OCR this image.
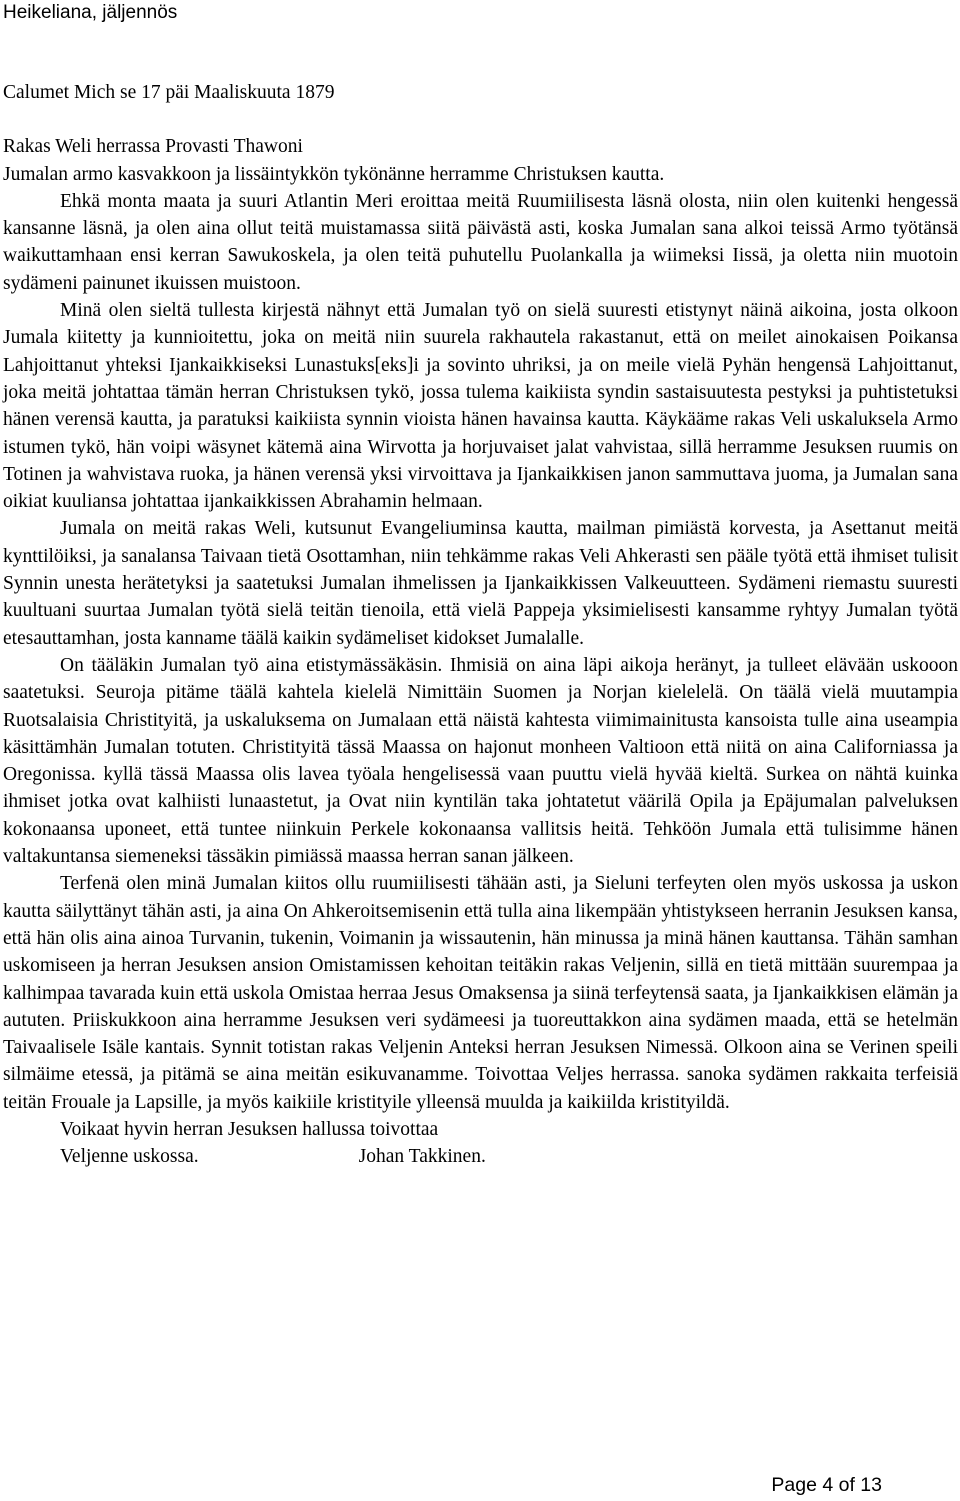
Heikeliana, jäljennös

Calumet Mich se 17 päi Maaliskuuta 1879

Rakas Weli herrassa Provasti Thawoni

Jumalan armo kasvakkoon ja lissäintykkön tykönänne herramme Christuksen kautta.

Ehkä monta maata ja suuri Atlantin Meri eroittaa meitä Ruumiilisesta läsnä olosta, niin olen kuitenki hengessä kansanne läsnä, ja olen aina ollut teitä muistamassa siitä päivästä asti, koska Jumalan sana alkoi teissä Armo työtänsä waikuttamhaan ensi kerran Sawukoskela, ja olen teitä puhutellu Puolankalla ja wiimeksi Iissä, ja oletta niin muotoin sydämeni painunet ikuissen muistoon.

Minä olen sieltä tullesta kirjestä nähnyt että Jumalan työ on sielä suuresti etistynyt näinä aikoina, josta olkoon Jumala kiitetty ja kunnioitettu, joka on meitä niin suurela rakhautela rakastanut, että on meilet ainokaisen Poikansa Lahjoittanut yhteksi Ijankaikkiseksi Lunastuks[eks]i ja sovinto uhriksi, ja on meile vielä Pyhän hengensä Lahjoittanut, joka meitä johtattaa tämän herran Christuksen tykö, jossa tulema kaikiista syndin sastaisuutesta pestyksi ja puhtistetuksi hänen verensä kautta, ja paratuksi kaikiista synnin vioista hänen havainsa kautta. Käykääme rakas Veli uskaluksela Armo istumen tykö, hän voipi wäsynet kätemä aina Wirvotta ja horjuvaiset jalat vahvistaa, sillä herramme Jesuksen ruumis on Totinen ja wahvistava ruoka, ja hänen verensä yksi virvoittava ja Ijankaikkisen janon sammuttava juoma, ja Jumalan sana oikiat kuuliansa johtattaa ijankaikkissen Abrahamin helmaan.

Jumala on meitä rakas Weli, kutsunut Evangeliuminsa kautta, mailman pimiästä korvesta, ja Asettanut meitä kynttilöiksi, ja sanalansa Taivaan tietä Osottamhan, niin tehkämme rakas Veli Ahkerasti sen pääle työtä että ihmiset tulisit Synnin unesta herätetyksi ja saatetuksi Jumalan ihmelissen ja Ijankaikkissen Valkeuutteen. Sydämeni riemastu suuresti kuultuani suurtaa Jumalan työtä sielä teitän tienoila, että vielä Pappeja yksimielisesti kansamme ryhtyy Jumalan työtä etesauttamhan, josta kanname täälä kaikin sydämeliset kidokset Jumalalle.

On tääläkin Jumalan työ aina etistymässäkäsin. Ihmisiä on aina läpi aikoja heränyt, ja tulleet elävään uskooon saatetuksi. Seuroja pitäme täälä kahtela kielelä Nimittäin Suomen ja Norjan kielelelä. On täälä vielä muutampia Ruotsalaisia Christityitä, ja uskaluksema on Jumalaan että näistä kahtesta viimimainitusta kansoista tulle aina useampia käsittämhän Jumalan totuten. Christityitä tässä Maassa on hajonut monheen Valtioon että niitä on aina Californiassa ja Oregonissa. kyllä tässä Maassa olis lavea työala hengelisessä vaan puuttu vielä hyvää kieltä. Surkea on nähtä kuinka ihmiset jotka ovat kalhiisti lunaastetut, ja Ovat niin kyntilän taka johtatetut väärilä Opila ja Epäjumalan palveluksen kokonaansa uponeet, että tuntee niinkuin Perkele kokonaansa vallitsis heitä. Tehköön Jumala että tulisimme hänen valtakuntansa siemeneksi tässäkin pimiässä maassa herran sanan jälkeen.

Terfenä olen minä Jumalan kiitos ollu ruumiilisesti tähään asti, ja Sieluni terfeyten olen myös uskossa ja uskon kautta säilyttänyt tähän asti, ja aina On Ahkeroitsemisenin että tulla aina likempään yhtistykseen herranin Jesuksen kansa, että hän olis aina ainoa Turvanin, tukenin, Voimanin ja wissautenin, hän minussa ja minä hänen kauttansa. Tähän samhan uskomiseen ja herran Jesuksen ansion Omistamissen kehoitan teitäkin rakas Veljenin, sillä en tietä mittään suurempaa ja kalhimpaa tavarada kuin että uskola Omistaa herraa Jesus Omaksensa ja siinä terfeytensä saata, ja Ijankaikkisen elämän ja aututen. Priiskukkoon aina herramme Jesuksen veri sydämeesi ja tuoreuttakkon aina sydämen maada, että se hetelmän Taivaalisele Isäle kantais. Synnit totistan rakas Veljenin Anteksi herran Jesuksen Nimessä. Olkoon aina se Verinen speili silmäime etessä, ja pitämä se aina meitän esikuvanamme. Toivottaa Veljes herrassa. sanoka sydämen rakkaita terfeisiä teitän Frouale ja Lapsille, ja myös kaikiile kristityile ylleensä muulda ja kaikiilda kristityildä.

Voikaat hyvin herran Jesuksen hallussa toivottaa

Veljenne uskossa.	Johan Takkinen.

Page 4 of 13
